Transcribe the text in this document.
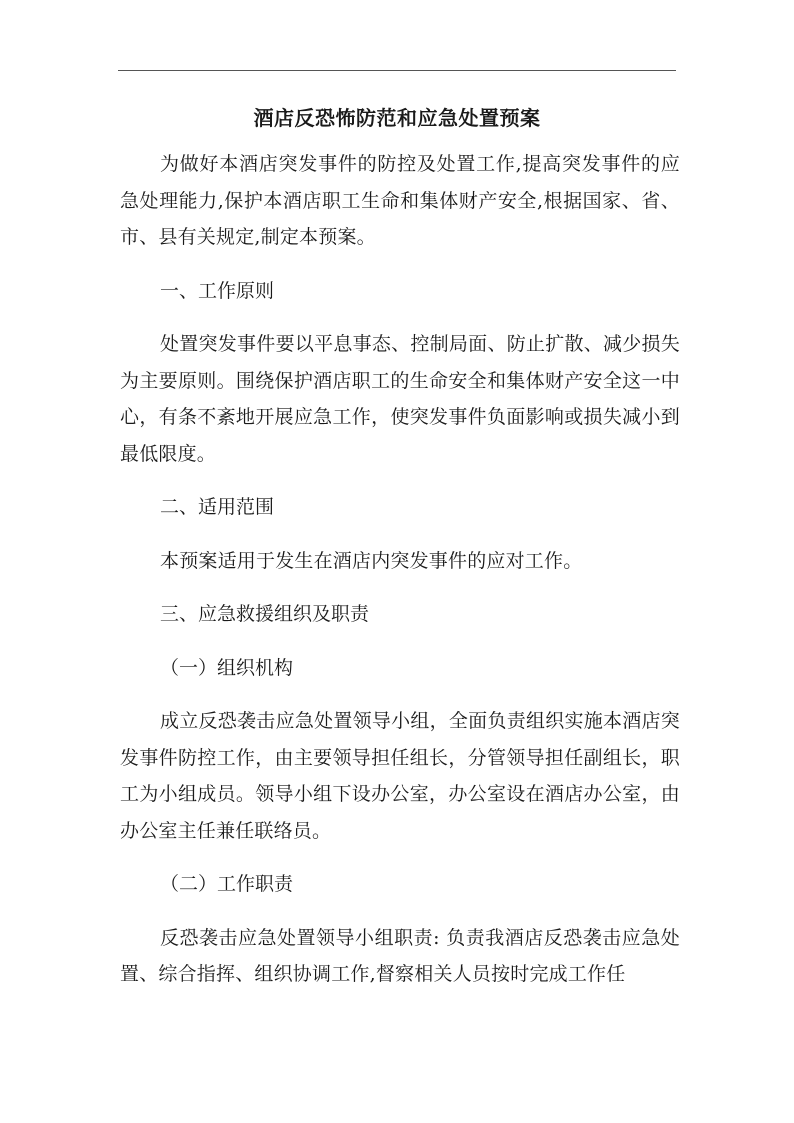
酒店反恐怖防范和应急处置预案

为做好本酒店突发事件的防控及处置工作,提高突发事件的应急处理能力,保护本酒店职工生命和集体财产安全,根据国家、省、市、县有关规定,制定本预案。

一、工作原则

处置突发事件要以平息事态、控制局面、防止扩散、减少损失为主要原则。围绕保护酒店职工的生命安全和集体财产安全这一中心，有条不紊地开展应急工作，使突发事件负面影响或损失减小到最低限度。

二、适用范围

本预案适用于发生在酒店内突发事件的应对工作。

三、应急救援组织及职责

（一）组织机构

成立反恐袭击应急处置领导小组，全面负责组织实施本酒店突发事件防控工作，由主要领导担任组长，分管领导担任副组长，职工为小组成员。领导小组下设办公室，办公室设在酒店办公室，由办公室主任兼任联络员。

（二）工作职责

反恐袭击应急处置领导小组职责: 负责我酒店反恐袭击应急处置、综合指挥、组织协调工作,督察相关人员按时完成工作任
